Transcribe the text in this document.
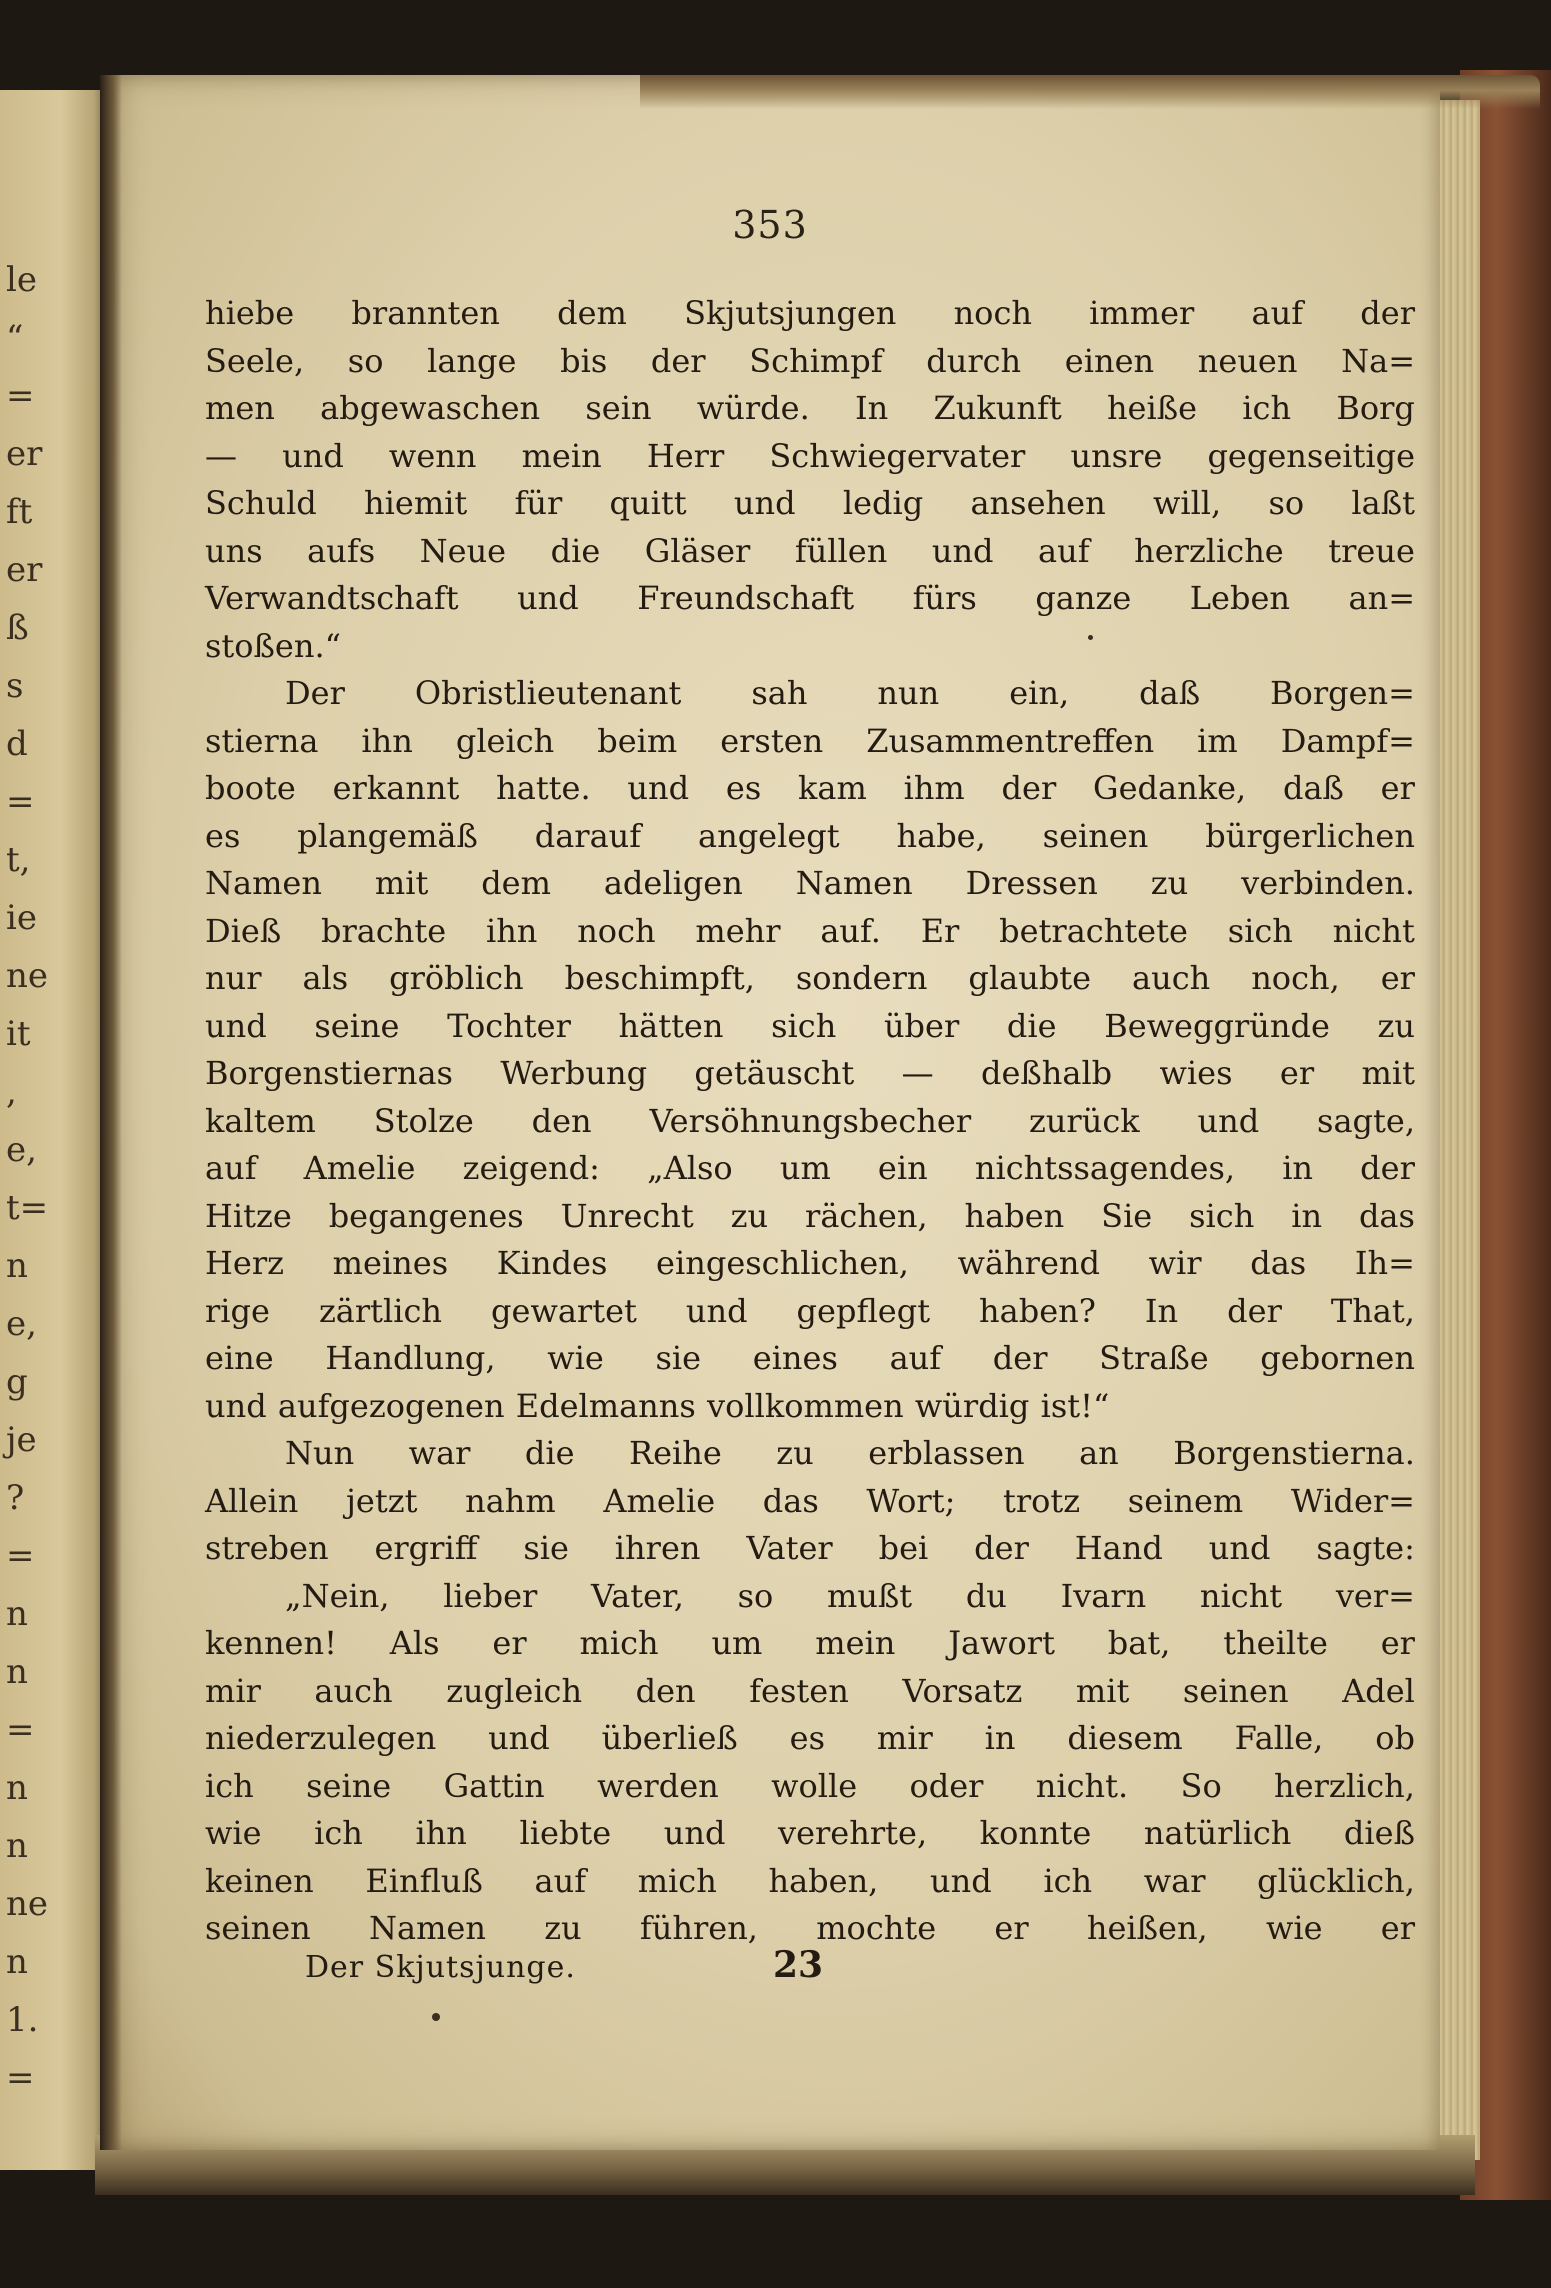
le
“
=
er
ft
er
ß
s
d
=
t,
ie
ne
it
,
e,
t=
n
e,
g
je
?
=
n
n
=
n
n
ne
n
1.
=
353
hiebe brannten dem Skjutsjungen noch immer auf der
Seele, so lange bis der Schimpf durch einen neuen Na=
men abgewaschen sein würde. In Zukunft heiße ich Borg
— und wenn mein Herr Schwiegervater unsre gegenseitige
Schuld hiemit für quitt und ledig ansehen will, so laßt
uns aufs Neue die Gläser füllen und auf herzliche treue
Verwandtschaft und Freundschaft fürs ganze Leben an=
stoßen.“
Der Obristlieutenant sah nun ein, daß Borgen=
stierna ihn gleich beim ersten Zusammentreffen im Dampf=
boote erkannt hatte. und es kam ihm der Gedanke, daß er
es plangemäß darauf angelegt habe, seinen bürgerlichen
Namen mit dem adeligen Namen Dressen zu verbinden.
Dieß brachte ihn noch mehr auf. Er betrachtete sich nicht
nur als gröblich beschimpft, sondern glaubte auch noch, er
und seine Tochter hätten sich über die Beweggründe zu
Borgenstiernas Werbung getäuscht — deßhalb wies er mit
kaltem Stolze den Versöhnungsbecher zurück und sagte,
auf Amelie zeigend: „Also um ein nichtssagendes, in der
Hitze begangenes Unrecht zu rächen, haben Sie sich in das
Herz meines Kindes eingeschlichen, während wir das Ih=
rige zärtlich gewartet und gepflegt haben? In der That,
eine Handlung, wie sie eines auf der Straße gebornen
und aufgezogenen Edelmanns vollkommen würdig ist!“
Nun war die Reihe zu erblassen an Borgenstierna.
Allein jetzt nahm Amelie das Wort; trotz seinem Wider=
streben ergriff sie ihren Vater bei der Hand und sagte:
„Nein, lieber Vater, so mußt du Ivarn nicht ver=
kennen! Als er mich um mein Jawort bat, theilte er
mir auch zugleich den festen Vorsatz mit seinen Adel
niederzulegen und überließ es mir in diesem Falle, ob
ich seine Gattin werden wolle oder nicht. So herzlich,
wie ich ihn liebte und verehrte, konnte natürlich dieß
keinen Einfluß auf mich haben, und ich war glücklich,
seinen Namen zu führen, mochte er heißen, wie er
Der Skjutsjunge.	23
